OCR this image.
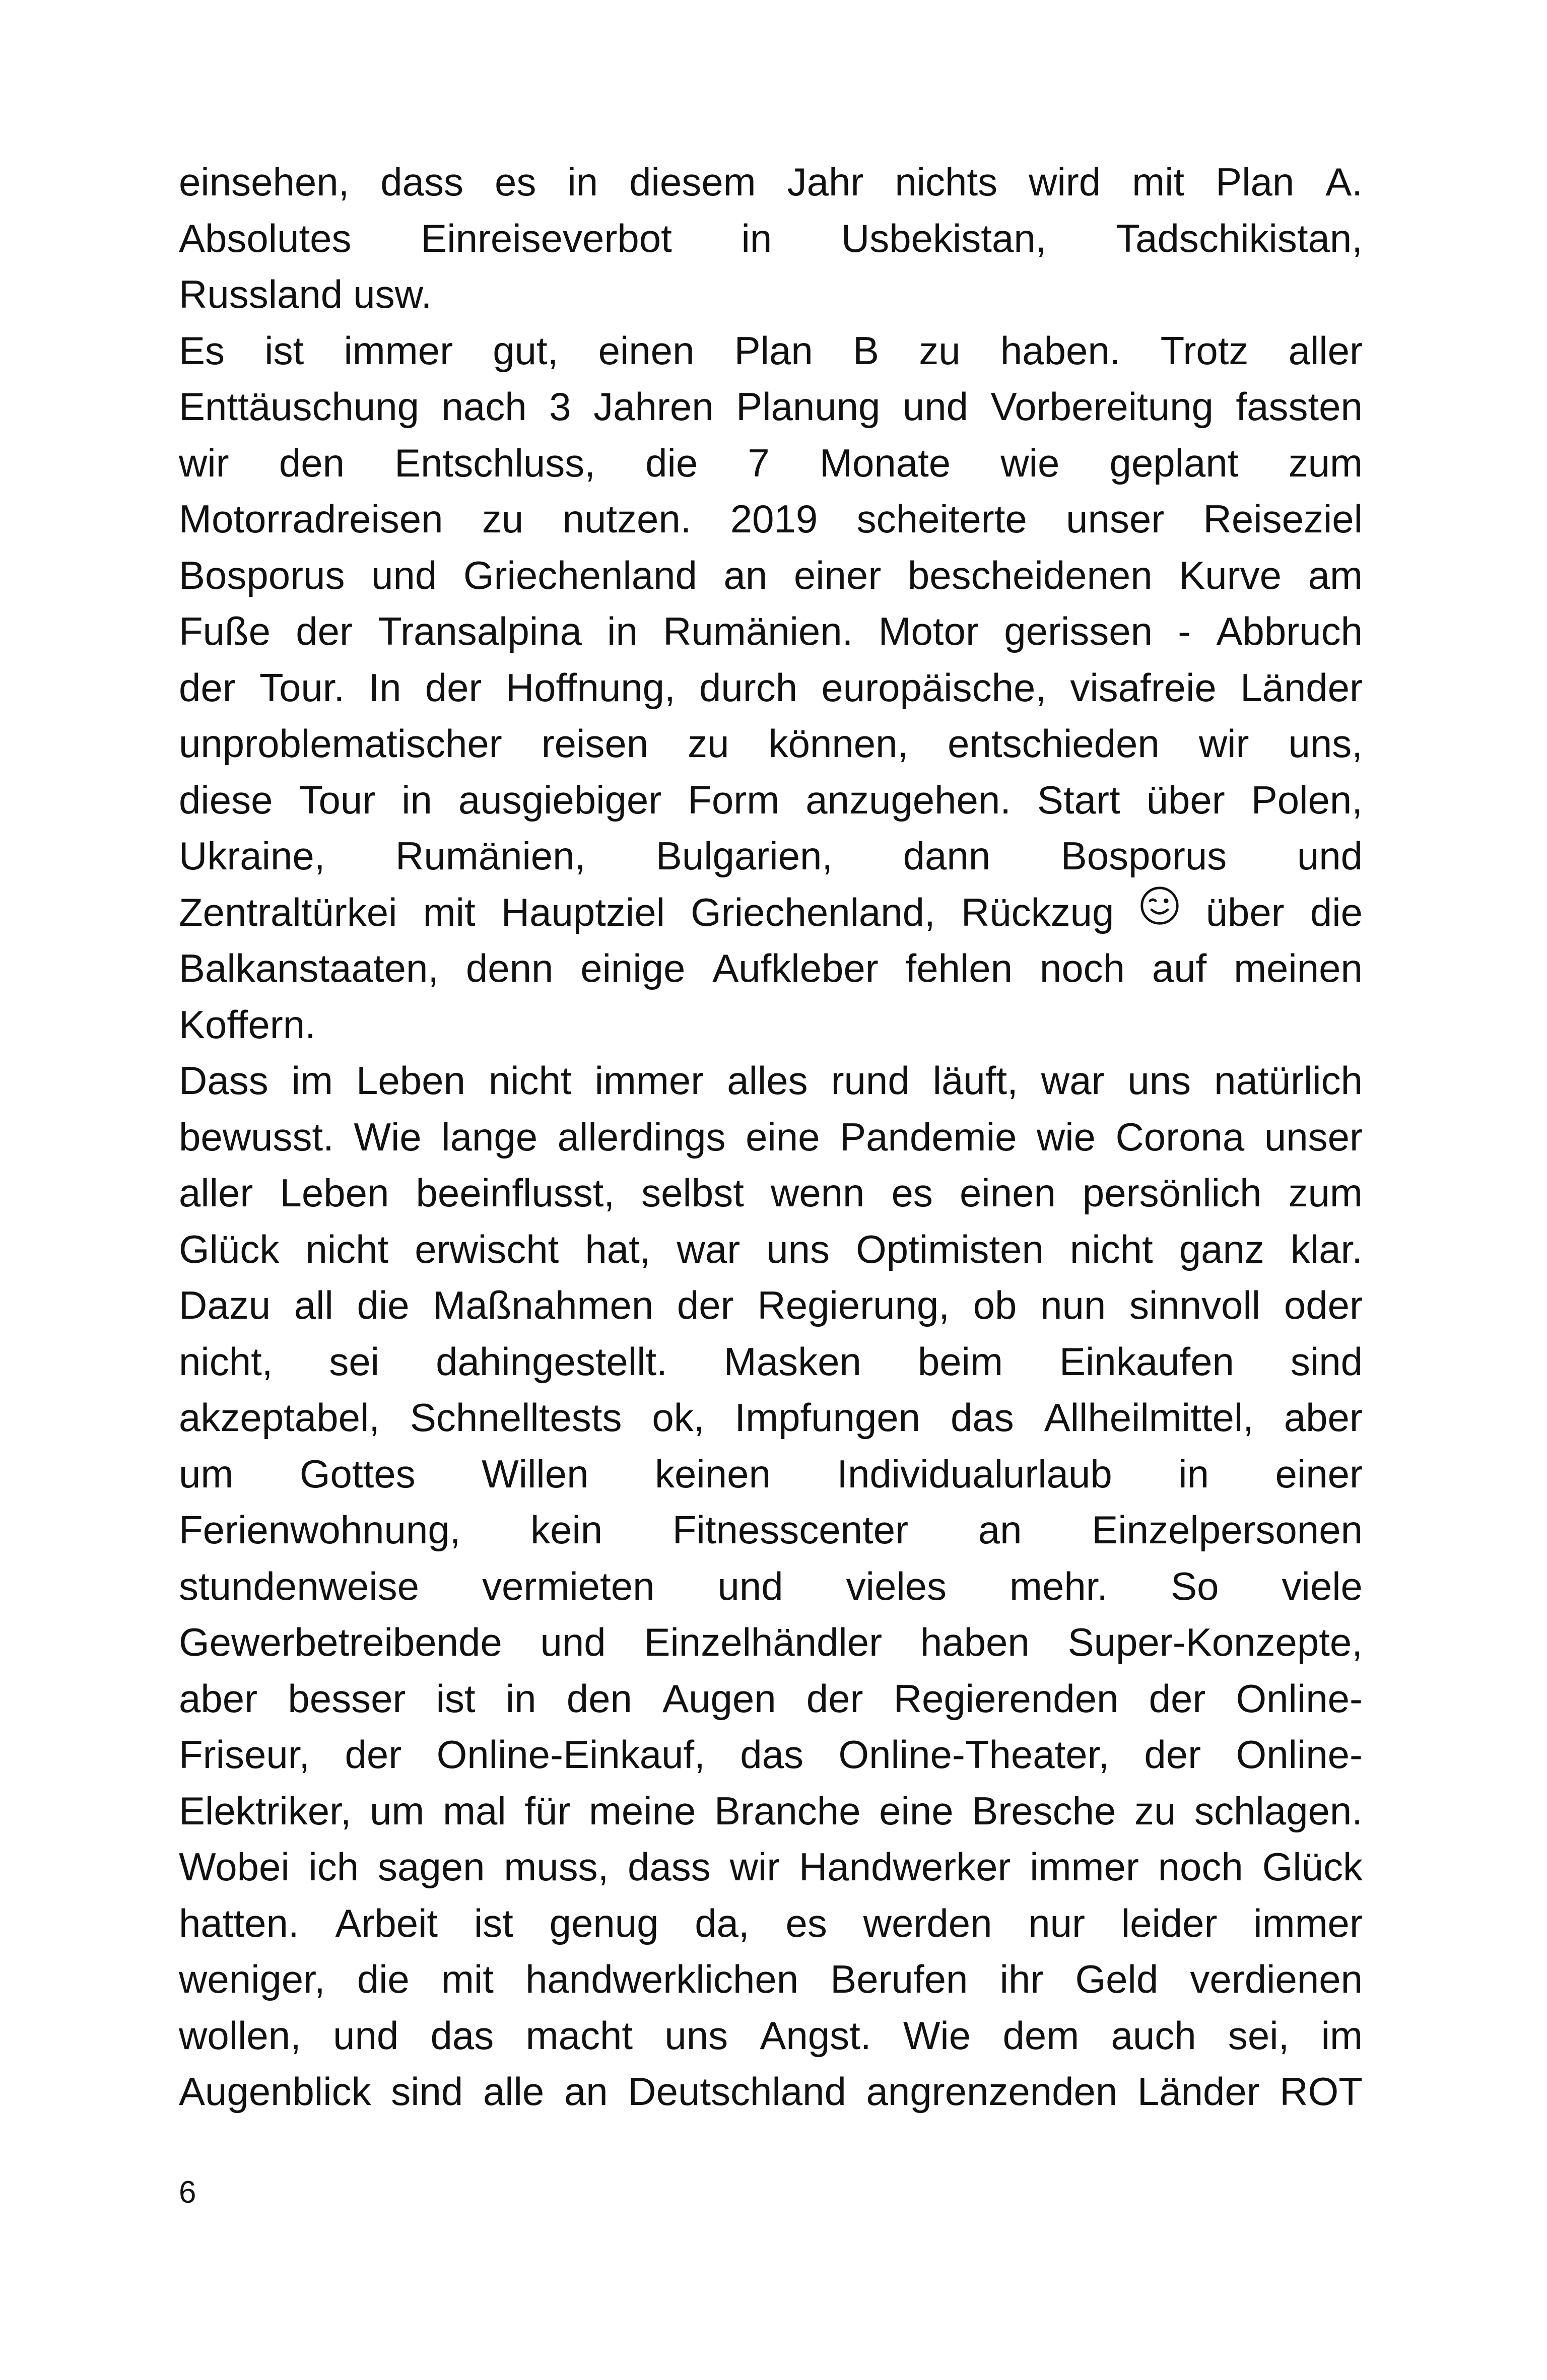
einsehen, dass es in diesem Jahr nichts wird mit Plan A.
Absolutes Einreiseverbot in Usbekistan, Tadschikistan,
Russland usw.
Es ist immer gut, einen Plan B zu haben. Trotz aller
Enttäuschung nach 3 Jahren Planung und Vorbereitung fassten
wir den Entschluss, die 7 Monate wie geplant zum
Motorradreisen zu nutzen. 2019 scheiterte unser Reiseziel
Bosporus und Griechenland an einer bescheidenen Kurve am
Fuße der Transalpina in Rumänien. Motor gerissen - Abbruch
der Tour. In der Hoffnung, durch europäische, visafreie Länder
unproblematischer reisen zu können, entschieden wir uns,
diese Tour in ausgiebiger Form anzugehen. Start über Polen,
Ukraine, Rumänien, Bulgarien, dann Bosporus und
Zentraltürkei mit Hauptziel Griechenland, Rückzug über die
Balkanstaaten, denn einige Aufkleber fehlen noch auf meinen
Koffern.
Dass im Leben nicht immer alles rund läuft, war uns natürlich
bewusst. Wie lange allerdings eine Pandemie wie Corona unser
aller Leben beeinflusst, selbst wenn es einen persönlich zum
Glück nicht erwischt hat, war uns Optimisten nicht ganz klar.
Dazu all die Maßnahmen der Regierung, ob nun sinnvoll oder
nicht, sei dahingestellt. Masken beim Einkaufen sind
akzeptabel, Schnelltests ok, Impfungen das Allheilmittel, aber
um Gottes Willen keinen Individualurlaub in einer
Ferienwohnung, kein Fitnesscenter an Einzelpersonen
stundenweise vermieten und vieles mehr. So viele
Gewerbetreibende und Einzelhändler haben Super-Konzepte,
aber besser ist in den Augen der Regierenden der Online-
Friseur, der Online-Einkauf, das Online-Theater, der Online-
Elektriker, um mal für meine Branche eine Bresche zu schlagen.
Wobei ich sagen muss, dass wir Handwerker immer noch Glück
hatten. Arbeit ist genug da, es werden nur leider immer
weniger, die mit handwerklichen Berufen ihr Geld verdienen
wollen, und das macht uns Angst. Wie dem auch sei, im
Augenblick sind alle an Deutschland angrenzenden Länder ROT
6
